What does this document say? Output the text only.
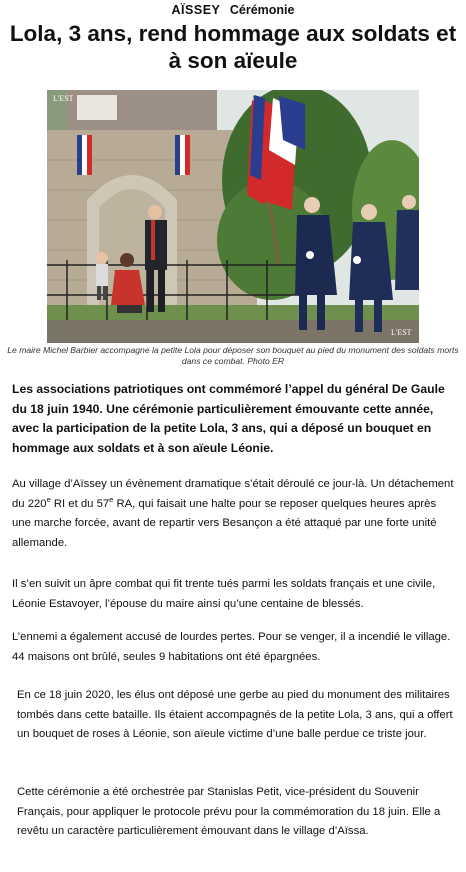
AÏSSEY Cérémonie
Lola, 3 ans, rend hommage aux soldats et à son aïeule
L'EST
L'EST
Le maire Michel Barbier accompagne la petite Lola pour déposer son bouquet au pied du monument des soldats morts dans ce combat. Photo ER

Les associations patriotiques ont commémoré l’appel du général De Gaule du 18 juin 1940. Une cérémonie particulièrement émouvante cette année, avec la participation de la petite Lola, 3 ans, qui a déposé un bouquet en hommage aux soldats et à son aïeule Léonie.

Au village d’Aïssey un évènement dramatique s’était déroulé ce jour-là. Un détachement du 220e RI et du 57e RA, qui faisait une halte pour se reposer quelques heures après une marche forcée, avant de repartir vers Besançon a été attaqué par une forte unité allemande.

Il s’en suivit un âpre combat qui fit trente tués parmi les soldats français et une civile, Léonie Estavoyer, l’épouse du maire ainsi qu’une centaine de blessés.

L’ennemi a également accusé de lourdes pertes. Pour se venger, il a incendié le village. 44 maisons ont brûlé, seules 9 habitations ont été épargnées.

En ce 18 juin 2020, les élus ont déposé une gerbe au pied du monument des militaires tombés dans cette bataille. Ils étaient accompagnés de la petite Lola, 3 ans, qui a offert un bouquet de roses à Léonie, son aïeule victime d’une balle perdue ce triste jour.

Cette cérémonie a été orchestrée par Stanislas Petit, vice-président du Souvenir Français, pour appliquer le protocole prévu pour la commémoration du 18 juin. Elle a revêtu un caractère particulièrement émouvant dans le village d’Aïssa.
